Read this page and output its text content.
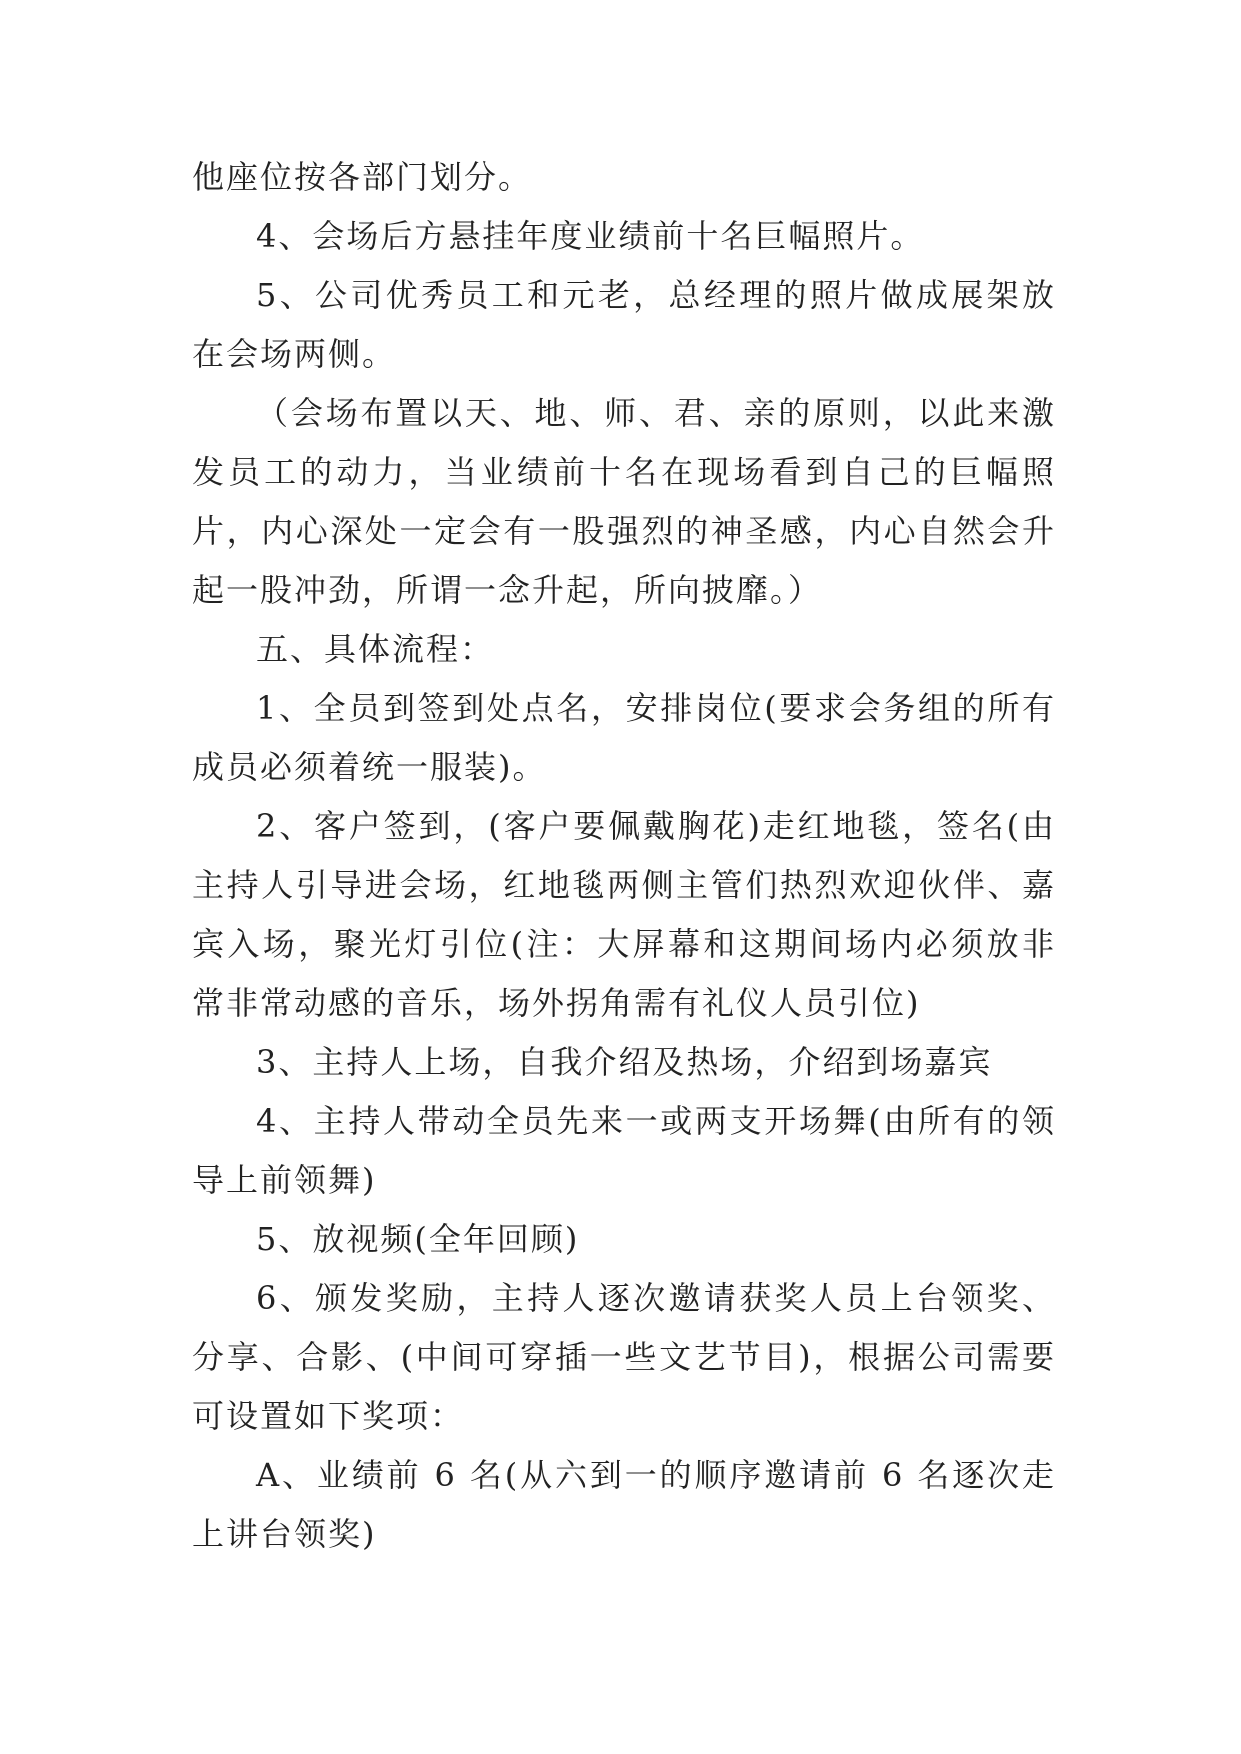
他座位按各部门划分。

4、会场后方悬挂年度业绩前十名巨幅照片。

5、公司优秀员工和元老，总经理的照片做成展架放在会场两侧。

（会场布置以天、地、师、君、亲的原则，以此来激发员工的动力，当业绩前十名在现场看到自己的巨幅照片，内心深处一定会有一股强烈的神圣感，内心自然会升起一股冲劲，所谓一念升起，所向披靡。）

五、具体流程：

1、全员到签到处点名，安排岗位(要求会务组的所有成员必须着统一服装)。

2、客户签到，(客户要佩戴胸花)走红地毯，签名(由主持人引导进会场，红地毯两侧主管们热烈欢迎伙伴、嘉宾入场，聚光灯引位(注：大屏幕和这期间场内必须放非常非常动感的音乐，场外拐角需有礼仪人员引位)

3、主持人上场，自我介绍及热场，介绍到场嘉宾

4、主持人带动全员先来一或两支开场舞(由所有的领导上前领舞)

5、放视频(全年回顾)

6、颁发奖励，主持人逐次邀请获奖人员上台领奖、分享、合影、(中间可穿插一些文艺节目)，根据公司需要可设置如下奖项：

A、业绩前 6 名(从六到一的顺序邀请前 6 名逐次走上讲台领奖)
